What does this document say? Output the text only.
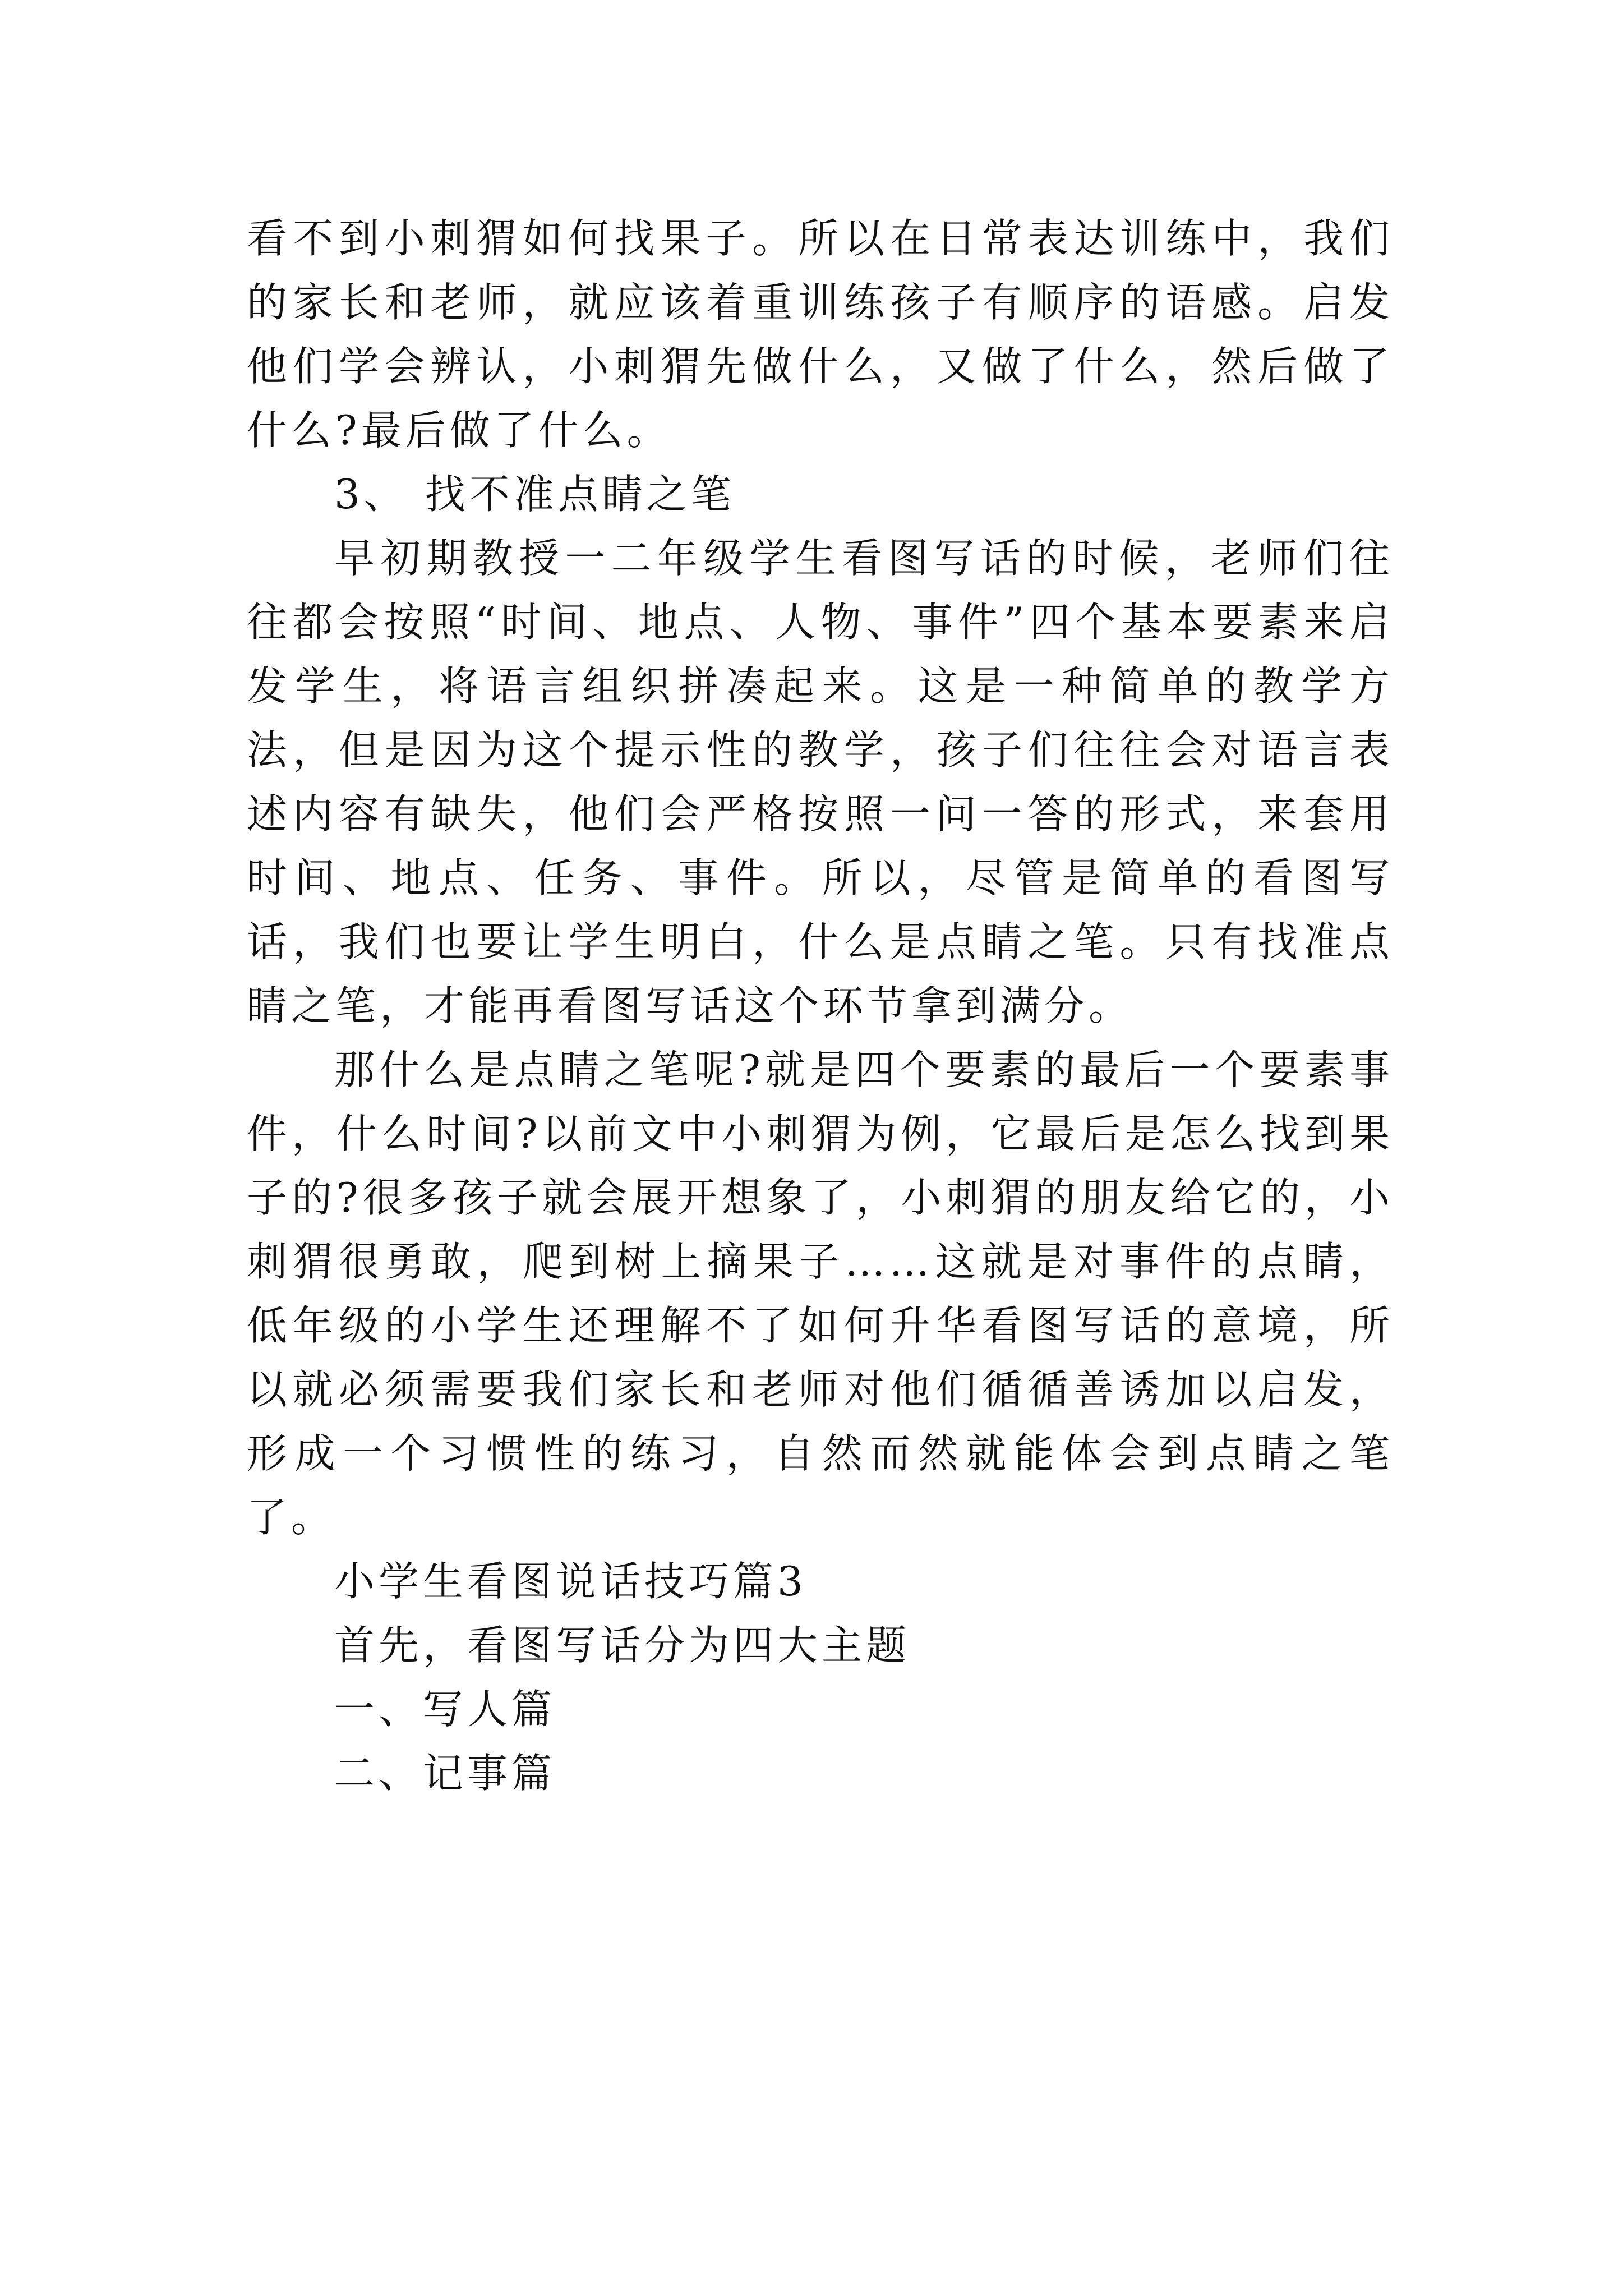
看不到小刺猬如何找果子。所以在日常表达训练中，我们的家长和老师，就应该着重训练孩子有顺序的语感。启发他们学会辨认，小刺猬先做什么，又做了什么，然后做了什么?最后做了什么。

3、 找不准点睛之笔

早初期教授一二年级学生看图写话的时候，老师们往往都会按照“时间、地点、人物、事件”四个基本要素来启发学生，将语言组织拼凑起来。这是一种简单的教学方法，但是因为这个提示性的教学，孩子们往往会对语言表述内容有缺失，他们会严格按照一问一答的形式，来套用时间、地点、任务、事件。所以，尽管是简单的看图写话，我们也要让学生明白，什么是点睛之笔。只有找准点睛之笔，才能再看图写话这个环节拿到满分。

那什么是点睛之笔呢?就是四个要素的最后一个要素事件，什么时间?以前文中小刺猬为例，它最后是怎么找到果子的?很多孩子就会展开想象了，小刺猬的朋友给它的，小刺猬很勇敢，爬到树上摘果子……这就是对事件的点睛，低年级的小学生还理解不了如何升华看图写话的意境，所以就必须需要我们家长和老师对他们循循善诱加以启发，形成一个习惯性的练习，自然而然就能体会到点睛之笔了。

小学生看图说话技巧篇3

首先，看图写话分为四大主题

一、写人篇

二、记事篇
